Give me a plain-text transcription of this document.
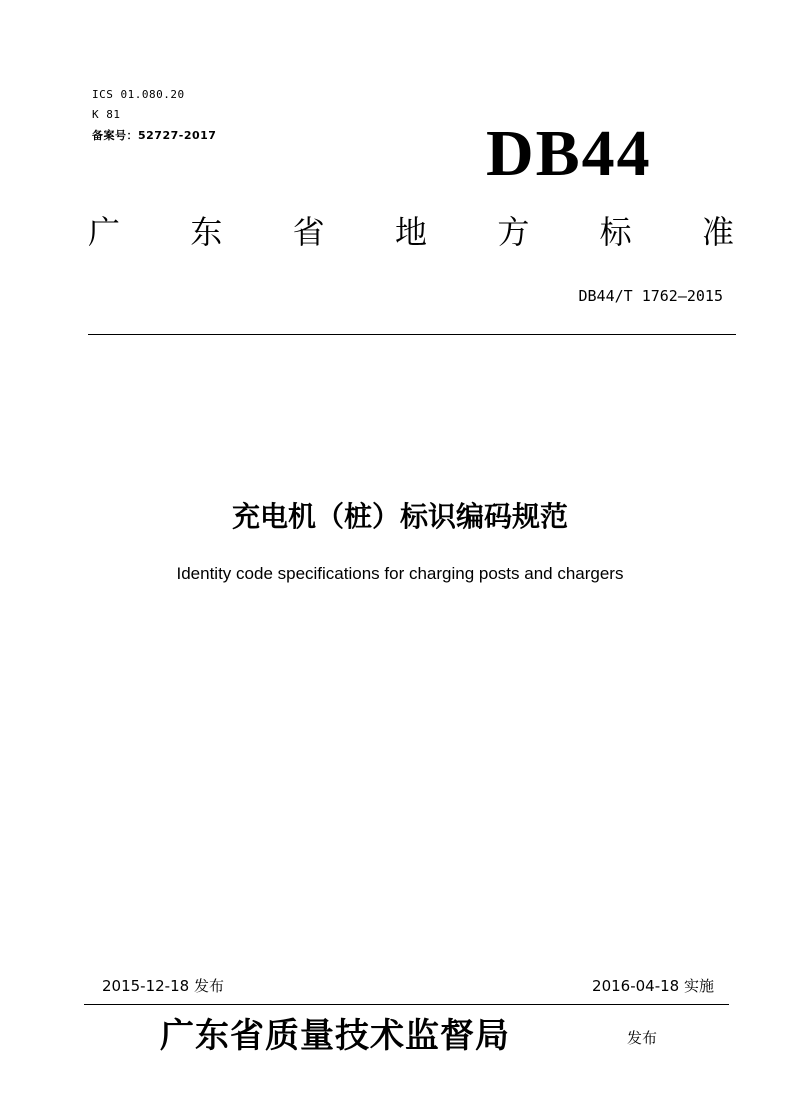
ICS 01.080.20
K 81
备案号：52727-2017	DB44
广 东 省 地 方 标 准
DB44/T 1762—2015
充电机（桩）标识编码规范
Identity code specifications for charging posts and chargers
2015-12-18 发布	2016-04-18 实施
广东省质量技术监督局	发布
